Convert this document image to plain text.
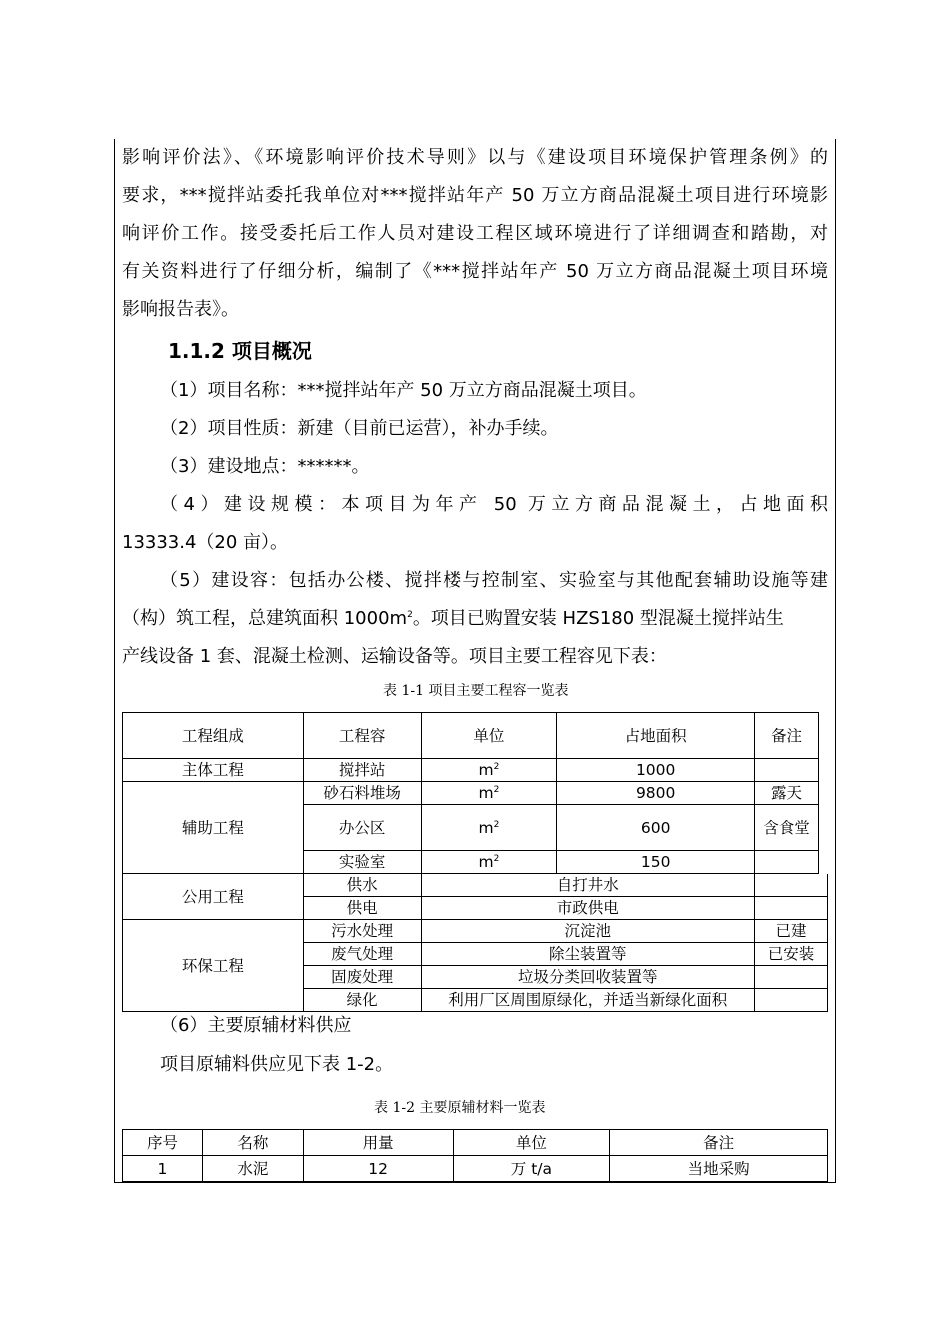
影响评价法》、《环境影响评价技术导则》以与《建设项目环境保护管理条例》的
要求，***搅拌站委托我单位对***搅拌站年产 50 万立方商品混凝土项目进行环境影
响评价工作。接受委托后工作人员对建设工程区域环境进行了详细调查和踏勘，对
有关资料进行了仔细分析，编制了《***搅拌站年产 50 万立方商品混凝土项目环境
影响报告表》。
1.1.2 项目概况
（1）项目名称：***搅拌站年产 50 万立方商品混凝土项目。
（2）项目性质：新建（目前已运营），补办手续。
（3）建设地点：******。
（4）建设规模：本项目为年产 50 万立方商品混凝土，占地面积
13333.4（20 亩）。
（5）建设容：包括办公楼、搅拌楼与控制室、实验室与其他配套辅助设施等建
（构）筑工程，总建筑面积 $1000m^2$。项目已购置安装 HZS180 型混凝土搅拌站生
产线设备 1 套、混凝土检测、运输设备等。项目主要工程容见下表：
表 1-1 项目主要工程容一览表
工程组成	工程容	单位	占地面积	备注	
主体工程	搅拌站	$m^2$	1000		
辅助工程	砂石料堆场	$m^2$	9800	露天	
	办公区	$m^2$	600	含食堂	
	实验室	$m^2$	150		
公用工程	供水	自打井水			
	供电	市政供电			
环保工程	污水处理	沉淀池		已建	
	废气处理	除尘装置等		已安装	
	固废处理	垃圾分类回收装置等			
	绿化	利用厂区周围原绿化，并适当新绿化面积			
（6）主要原辅材料供应
项目原辅料供应见下表 1-2。
表 1-2 主要原辅材料一览表
序号	名称	用量	单位	备注
1	水泥	12	万 t/a	当地采购
